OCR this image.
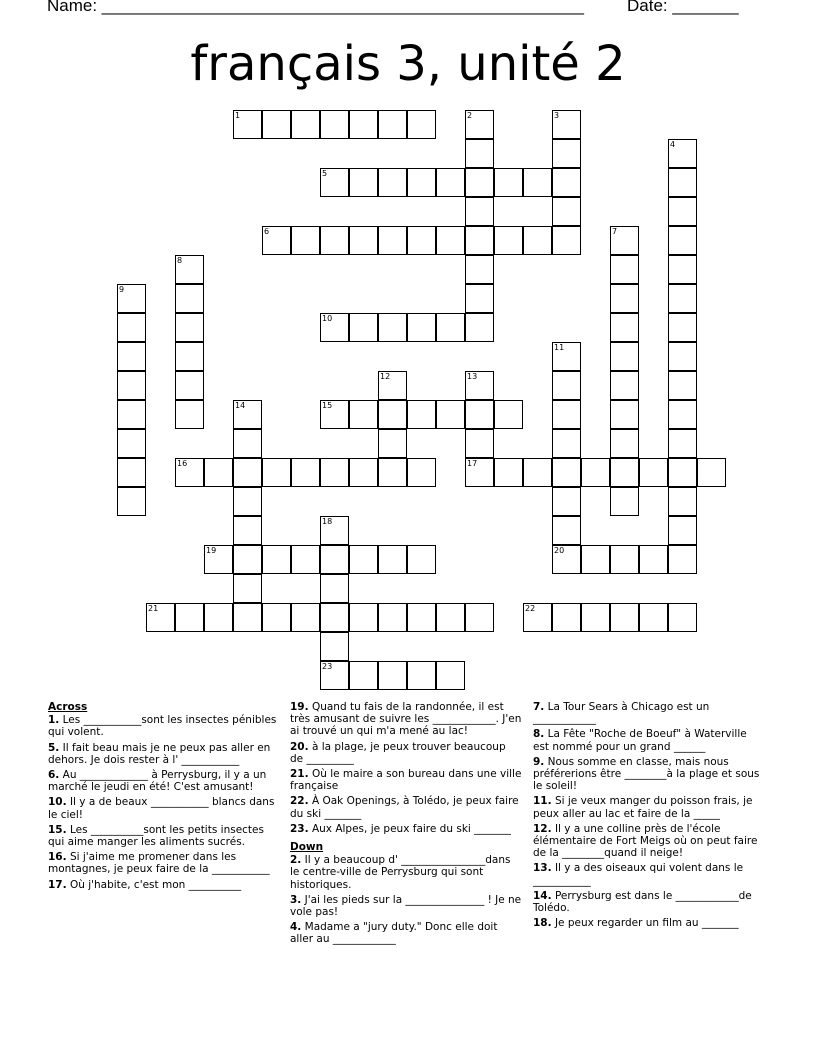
Name: ___________________________________________________	Date: _______
français 3, unité 2
1	2	3
4
5
6	7
8
9
10
11
20
12	13
17
14	15
16
18
23
19
21	22
Across
1. Les ___________sont les insectes pénibles qui volent.
5. Il fait beau mais je ne peux pas aller en dehors. Je dois rester à l' ___________
6. Au _____________ à Perrysburg, il y a un marché le jeudi en été! C'est amusant!
10. Il y a de beaux ___________ blancs dans le ciel!
15. Les __________sont les petits insectes qui aime manger les aliments sucrés.
16. Si j'aime me promener dans les montagnes, je peux faire de la ___________
17. Où j'habite, c'est mon __________
19. Quand tu fais de la randonnée, il est très amusant de suivre les ____________. J'en ai trouvé un qui m'a mené au lac!
20. à la plage, je peux trouver beaucoup de _________
21. Où le maire a son bureau dans une ville française
22. À Oak Openings, à Tolédo, je peux faire du ski _______
23. Aux Alpes, je peux faire du ski _______
Down
2. Il y a beaucoup d' ________________dans le centre-ville de Perrysburg qui sont historiques.
3. J'ai les pieds sur la _______________ ! Je ne vole pas!
4. Madame a "jury duty." Donc elle doit aller au ____________
7. La Tour Sears à Chicago est un ____________
8. La Fête "Roche de Boeuf" à Waterville est nommé pour un grand ______
9. Nous somme en classe, mais nous préférerions être ________à la plage et sous le soleil!
11. Si je veux manger du poisson frais, je peux aller au lac et faire de la _____
12. Il y a une colline près de l'école élémentaire de Fort Meigs où on peut faire de la ________quand il neige!
13. Il y a des oiseaux qui volent dans le ___________
14. Perrysburg est dans le ____________de Tolédo.
18. Je peux regarder un film au _______
